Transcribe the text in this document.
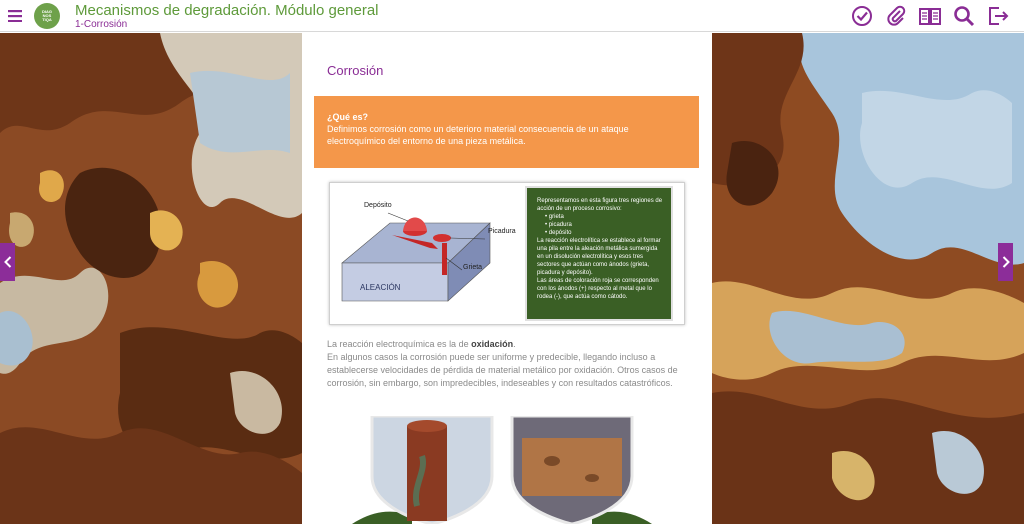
DIAG
NOS
TIQA
Mecanismos de degradación. Módulo general
1-Corrosión
Corrosión
¿Qué es?
Definimos corrosión como un deterioro material consecuencia de un ataque electroquímico del entorno de una pieza metálica.
Depósito
Picadura
Grieta
ALEACIÓN

Representamos en esta figura tres regiones de acción de un proceso corrosivo:

• grieta
• picadura
• depósito

La reacción electrolítica se establece al formar una pila entre la aleación metálica sumergida en un disolución electrolítica y esos tres sectores que actúan como ánodos (grieta, picadura y depósito).

Las áreas de coloración roja se corresponden con los ánodos (+) respecto al metal que lo rodea (-), que actúa como cátodo.

La reacción electroquímica es la de oxidación.
En algunos casos la corrosión puede ser uniforme y predecible, llegando incluso a establecerse velocidades de pérdida de material metálico por oxidación. Otros casos de corrosión, sin embargo, son impredecibles, indeseables y con resultados catastróficos.
